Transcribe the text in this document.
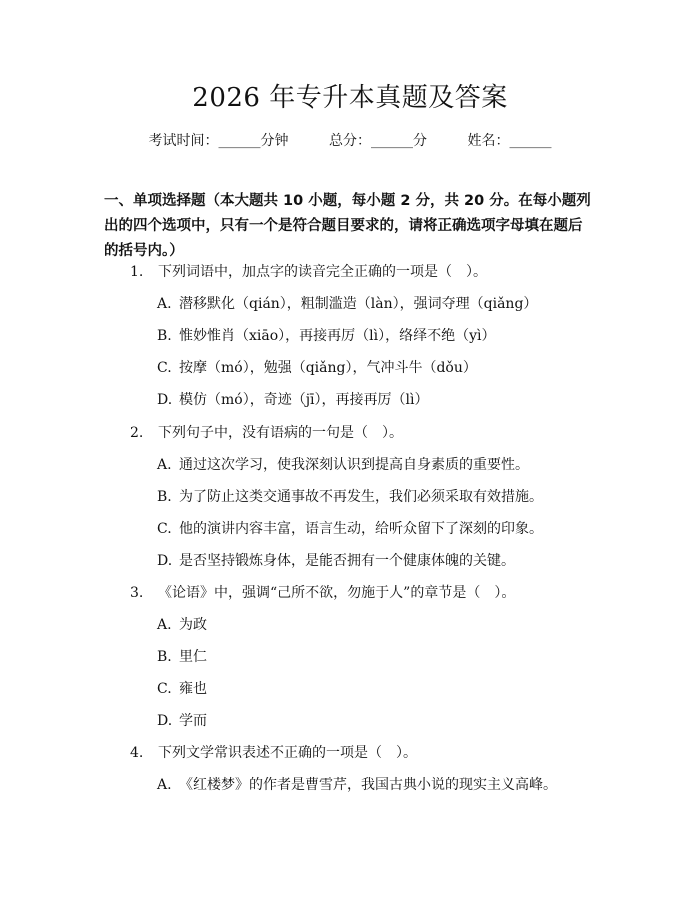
2026 年专升本真题及答案
考试时间：______分钟	总分：______分	姓名：______
一、单项选择题（本大题共 10 小题，每小题 2 分，共 20 分。在每小题列出的四个选项中，只有一个是符合题目要求的，请将正确选项字母填在题后的括号内。）
1. 下列词语中，加点字的读音完全正确的一项是（　）。
A. 潜移默化（qián），粗制滥造（làn），强词夺理（qiǎng）
B. 惟妙惟肖（xiāo），再接再厉（lì），络绎不绝（yì）
C. 按摩（mó），勉强（qiǎng），气冲斗牛（dǒu）
D. 模仿（mó），奇迹（jī），再接再厉（lì）
2. 下列句子中，没有语病的一句是（　）。
A. 通过这次学习，使我深刻认识到提高自身素质的重要性。
B. 为了防止这类交通事故不再发生，我们必须采取有效措施。
C. 他的演讲内容丰富，语言生动，给听众留下了深刻的印象。
D. 是否坚持锻炼身体，是能否拥有一个健康体魄的关键。
3. 《论语》中，强调“己所不欲，勿施于人”的章节是（　）。
A. 为政
B. 里仁
C. 雍也
D. 学而
4. 下列文学常识表述不正确的一项是（　）。
A. 《红楼梦》的作者是曹雪芹，我国古典小说的现实主义高峰。
